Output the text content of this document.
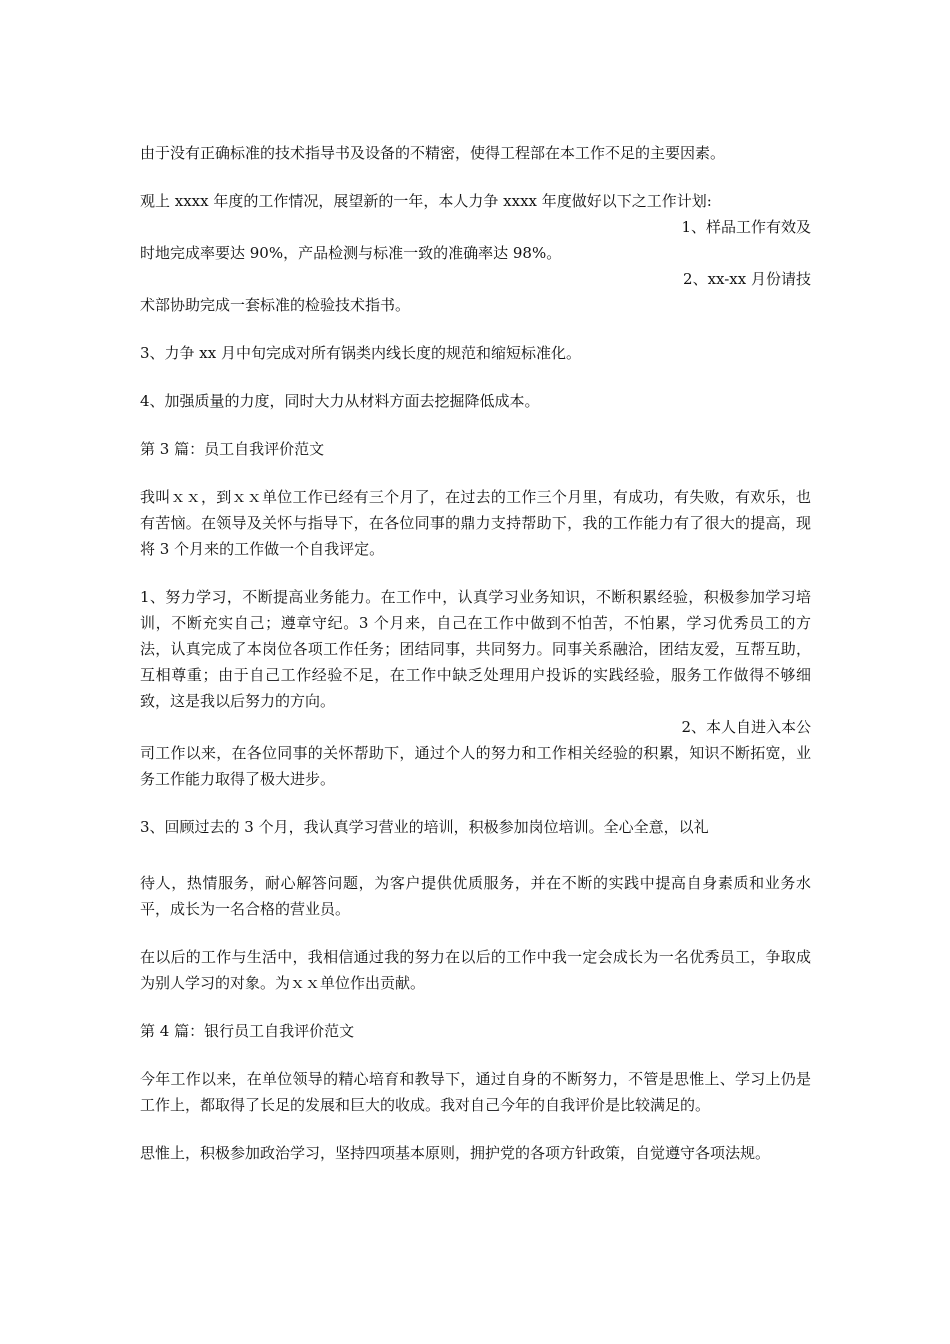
由于没有正确标准的技术指导书及设备的不精密，使得工程部在本工作不足的主要因素。

观上 xxxx 年度的工作情况，展望新的一年，本人力争 xxxx 年度做好以下之工作计划:
1、样品工作有效及
时地完成率要达 90%，产品检测与标准一致的准确率达 98%。
2、xx-xx 月份请技
术部协助完成一套标准的检验技术指书。

3、力争 xx 月中旬完成对所有锅类内线长度的规范和缩短标准化。

4、加强质量的力度，同时大力从材料方面去挖掘降低成本。

第 3 篇：员工自我评价范文

我叫ｘｘ，到ｘｘ单位工作已经有三个月了，在过去的工作三个月里，有成功，有失败，有欢乐，也有苦恼。在领导及关怀与指导下，在各位同事的鼎力支持帮助下，我的工作能力有了很大的提高，现将 3 个月来的工作做一个自我评定。

1、努力学习，不断提高业务能力。在工作中，认真学习业务知识，不断积累经验，积极参加学习培训，不断充实自己；遵章守纪。3 个月来，自己在工作中做到不怕苦，不怕累，学习优秀员工的方法，认真完成了本岗位各项工作任务；团结同事，共同努力。同事关系融洽，团结友爱，互帮互助，互相尊重；由于自己工作经验不足，在工作中缺乏处理用户投诉的实践经验，服务工作做得不够细致，这是我以后努力的方向。
2、本人自进入本公
司工作以来，在各位同事的关怀帮助下，通过个人的努力和工作相关经验的积累，知识不断拓宽，业务工作能力取得了极大进步。

3、回顾过去的 3 个月，我认真学习营业的培训，积极参加岗位培训。全心全意，以礼

待人，热情服务，耐心解答问题，为客户提供优质服务，并在不断的实践中提高自身素质和业务水平，成长为一名合格的营业员。

在以后的工作与生活中，我相信通过我的努力在以后的工作中我一定会成长为一名优秀员工，争取成为别人学习的对象。为ｘｘ单位作出贡献。

第 4 篇：银行员工自我评价范文

今年工作以来，在单位领导的精心培育和教导下，通过自身的不断努力，不管是思惟上、学习上仍是工作上，都取得了长足的发展和巨大的收成。我对自己今年的自我评价是比较满足的。

思惟上，积极参加政治学习，坚持四项基本原则，拥护党的各项方针政策，自觉遵守各项法规。
